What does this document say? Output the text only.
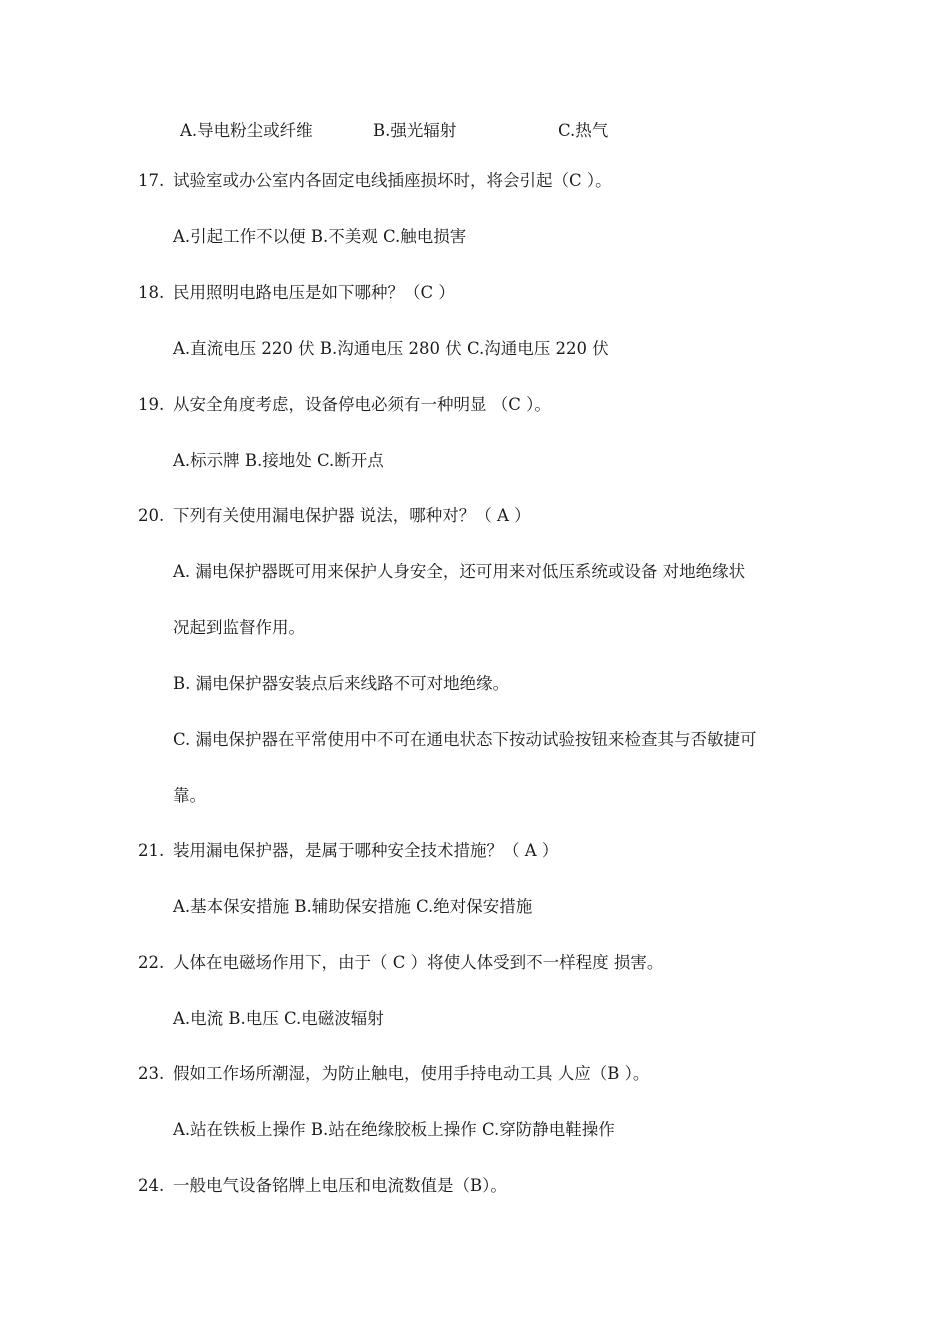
A.导电粉尘或纤维	B.强光辐射	C.热气
17. 试验室或办公室内各固定电线插座损坏时，将会引起（C ）。
A.引起工作不以便 B.不美观 C.触电损害
18. 民用照明电路电压是如下哪种？（C ）
A.直流电压 220 伏 B.沟通电压 280 伏 C.沟通电压 220 伏
19. 从安全角度考虑，设备停电必须有一种明显 （C ）。
A.标示牌 B.接地处 C.断开点
20. 下列有关使用漏电保护器 说法，哪种对？（ A ）
A. 漏电保护器既可用来保护人身安全，还可用来对低压系统或设备 对地绝缘状
况起到监督作用。
B. 漏电保护器安装点后来线路不可对地绝缘。
C. 漏电保护器在平常使用中不可在通电状态下按动试验按钮来检查其与否敏捷可
靠。
21. 装用漏电保护器，是属于哪种安全技术措施？（ A ）
A.基本保安措施 B.辅助保安措施 C.绝对保安措施
22. 人体在电磁场作用下，由于（ C ）将使人体受到不一样程度 损害。
A.电流 B.电压 C.电磁波辐射
23. 假如工作场所潮湿，为防止触电，使用手持电动工具 人应（B ）。
A.站在铁板上操作 B.站在绝缘胶板上操作 C.穿防静电鞋操作
24. 一般电气设备铭牌上电压和电流数值是（B）。
